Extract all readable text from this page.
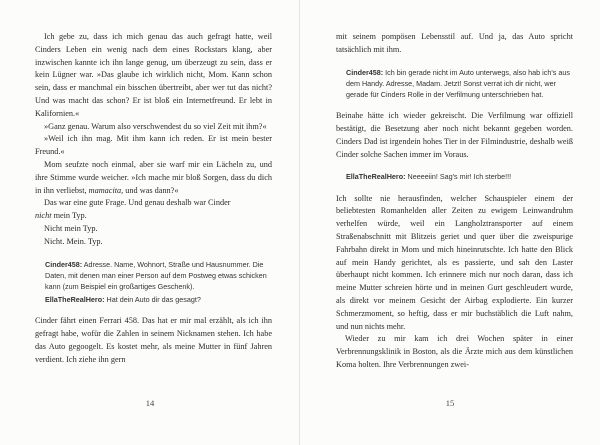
Ich gebe zu, dass ich mich genau das auch gefragt hatte, weil Cinders Leben ein wenig nach dem eines Rockstars klang, aber inzwischen kannte ich ihn lange genug, um überzeugt zu sein, dass er kein Lügner war. »Das glaube ich wirklich nicht, Mom. Kann schon sein, dass er manchmal ein bisschen übertreibt, aber wer tut das nicht? Und was macht das schon? Er ist bloß ein Internetfreund. Er lebt in Kalifornien.«

»Ganz genau. Warum also verschwendest du so viel Zeit mit ihm?«

»Weil ich ihn mag. Mit ihm kann ich reden. Er ist mein bester Freund.«

Mom seufzte noch einmal, aber sie warf mir ein Lächeln zu, und ihre Stimme wurde weicher. »Ich mache mir bloß Sorgen, dass du dich in ihn verliebst, mamacita, und was dann?«

Das war eine gute Frage. Und genau deshalb war Cinder

nicht mein Typ.

Nicht mein Typ.

Nicht. Mein. Typ.

Cinder458: Adresse. Name, Wohnort, Straße und Hausnummer. Die Daten, mit denen man einer Person auf dem Postweg etwas schicken kann (zum Beispiel ein großartiges Geschenk).

EllaTheRealHero: Hat dein Auto dir das gesagt?

Cinder fährt einen Ferrari 458. Das hat er mir mal erzählt, als ich ihn gefragt habe, wofür die Zahlen in seinem Nicknamen stehen. Ich habe das Auto gegoogelt. Es kostet mehr, als meine Mutter in fünf Jahren verdient. Ich ziehe ihn gern

14

mit seinem pompösen Lebensstil auf. Und ja, das Auto spricht tatsächlich mit ihm.

Cinder458: Ich bin gerade nicht im Auto unterwegs, also hab ich's aus dem Handy. Adresse, Madam. Jetzt! Sonst verrat ich dir nicht, wer gerade für Cinders Rolle in der Verfilmung unterschrieben hat.

Beinahe hätte ich wieder gekreischt. Die Verfilmung war offiziell bestätigt, die Besetzung aber noch nicht bekannt gegeben worden. Cinders Dad ist irgendein hohes Tier in der Filmindustrie, deshalb weiß Cinder solche Sachen immer im Voraus.

EllaTheRealHero: Neeeeiin! Sag's mir! Ich sterbe!!!

Ich sollte nie herausfinden, welcher Schauspieler einem der beliebtesten Romanhelden aller Zeiten zu ewigem Leinwandruhm verhelfen würde, weil ein Langholztransporter auf einem Straßenabschnitt mit Blitzeis geriet und quer über die zweispurige Fahrbahn direkt in Mom und mich hineinrutschte. Ich hatte den Blick auf mein Handy gerichtet, als es passierte, und sah den Laster überhaupt nicht kommen. Ich erinnere mich nur noch daran, dass ich meine Mutter schreien hörte und in meinen Gurt geschleudert wurde, als direkt vor meinem Gesicht der Airbag explodierte. Ein kurzer Schmerzmoment, so heftig, dass er mir buchstäblich die Luft nahm, und nun nichts mehr.

Wieder zu mir kam ich drei Wochen später in einer Verbrennungsklinik in Boston, als die Ärzte mich aus dem künstlichen Koma holten. Ihre Verbrennungen zwei-

15
